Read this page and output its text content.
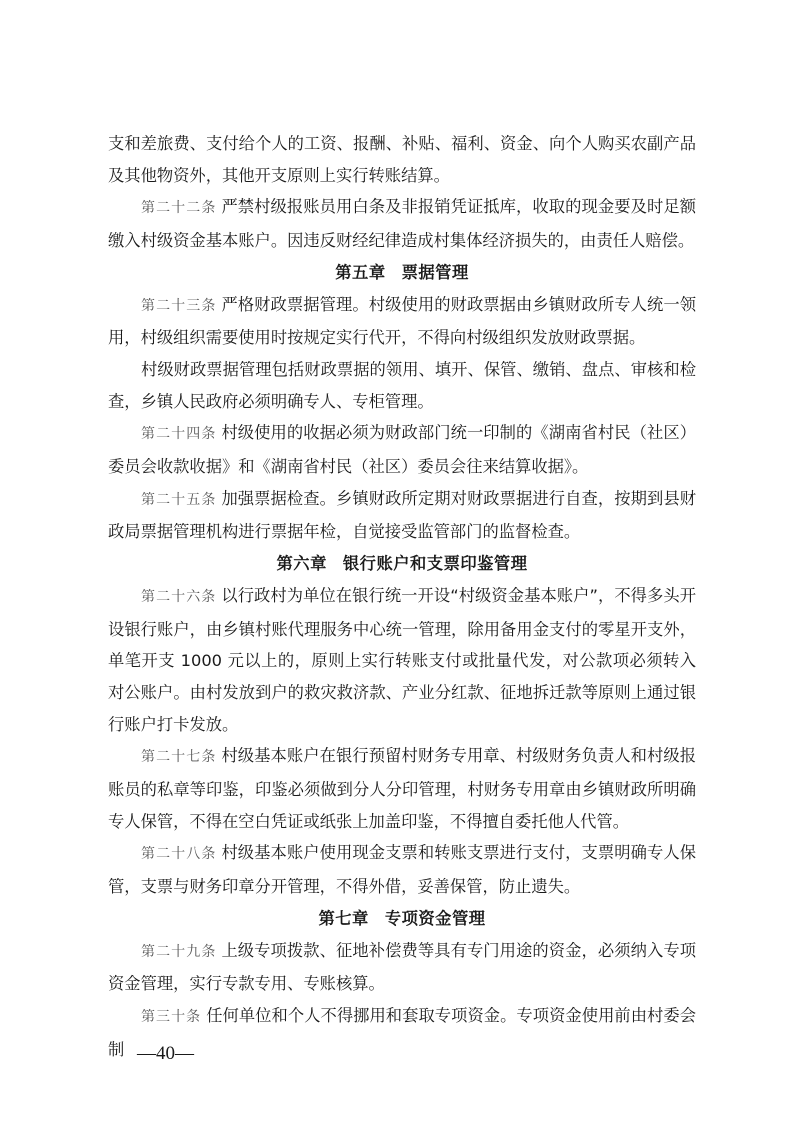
支和差旅费、支付给个人的工资、报酬、补贴、福利、资金、向个人购买农副产品及其他物资外，其他开支原则上实行转账结算。

第二十二条 严禁村级报账员用白条及非报销凭证抵库，收取的现金要及时足额缴入村级资金基本账户。因违反财经纪律造成村集体经济损失的，由责任人赔偿。

第五章 票据管理

第二十三条 严格财政票据管理。村级使用的财政票据由乡镇财政所专人统一领用，村级组织需要使用时按规定实行代开，不得向村级组织发放财政票据。

村级财政票据管理包括财政票据的领用、填开、保管、缴销、盘点、审核和检查，乡镇人民政府必须明确专人、专柜管理。

第二十四条 村级使用的收据必须为财政部门统一印制的《湖南省村民（社区）委员会收款收据》和《湖南省村民（社区）委员会往来结算收据》。

第二十五条 加强票据检查。乡镇财政所定期对财政票据进行自查，按期到县财政局票据管理机构进行票据年检，自觉接受监管部门的监督检查。

第六章 银行账户和支票印鉴管理

第二十六条 以行政村为单位在银行统一开设“村级资金基本账户”，不得多头开设银行账户，由乡镇村账代理服务中心统一管理，除用备用金支付的零星开支外，单笔开支 1000 元以上的，原则上实行转账支付或批量代发，对公款项必须转入对公账户。由村发放到户的救灾救济款、产业分红款、征地拆迁款等原则上通过银行账户打卡发放。

第二十七条 村级基本账户在银行预留村财务专用章、村级财务负责人和村级报账员的私章等印鉴，印鉴必须做到分人分印管理，村财务专用章由乡镇财政所明确专人保管，不得在空白凭证或纸张上加盖印鉴，不得擅自委托他人代管。

第二十八条 村级基本账户使用现金支票和转账支票进行支付，支票明确专人保管，支票与财务印章分开管理，不得外借，妥善保管，防止遗失。

第七章 专项资金管理

第二十九条 上级专项拨款、征地补偿费等具有专门用途的资金，必须纳入专项资金管理，实行专款专用、专账核算。

第三十条 任何单位和个人不得挪用和套取专项资金。专项资金使用前由村委会制 —40—
